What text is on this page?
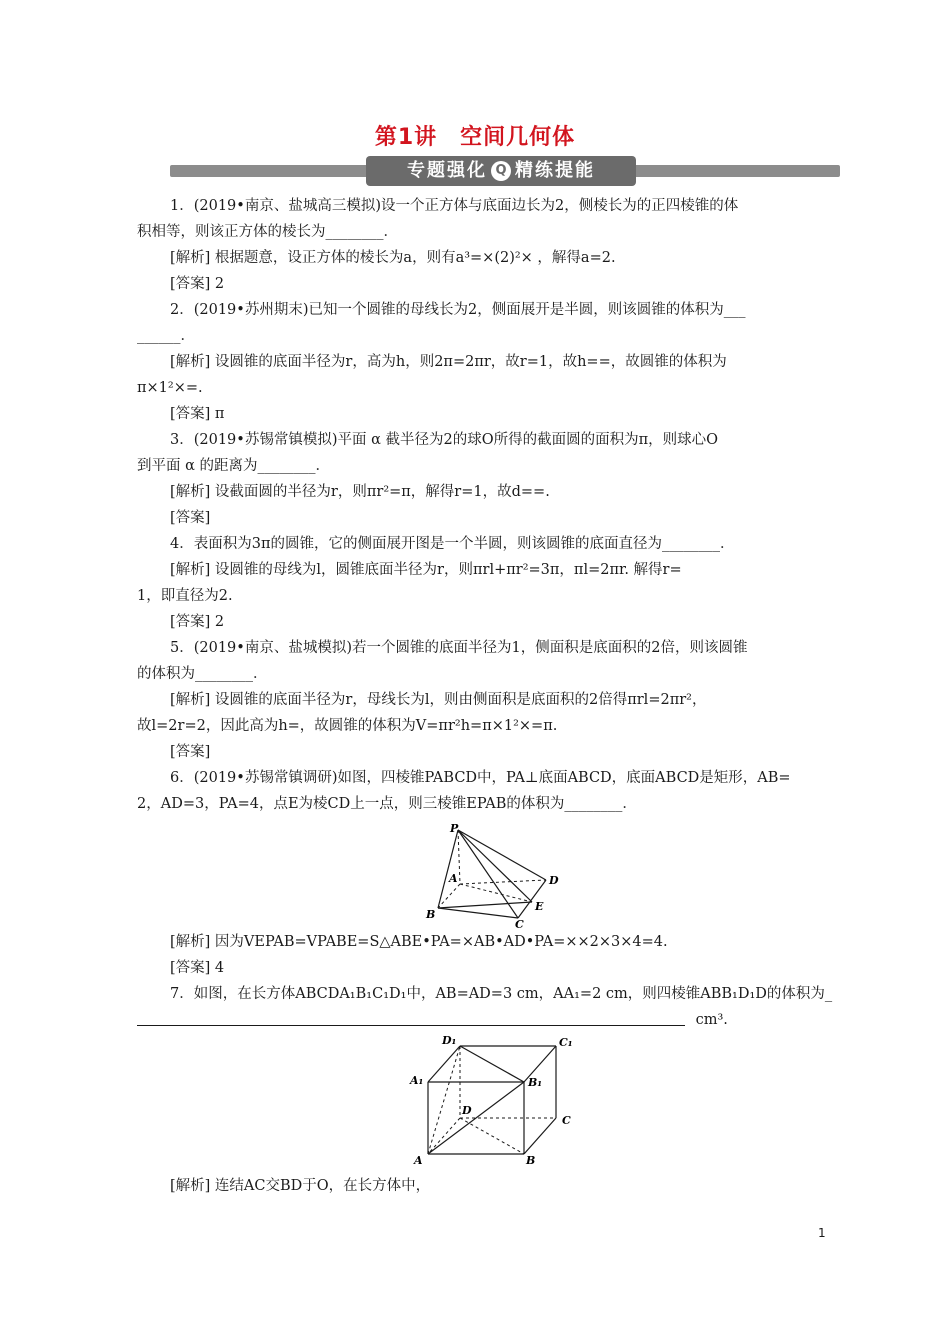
第1讲　空间几何体
专题强化 Q 精练提能
1．(2019•南京、盐城高三模拟)设一个正方体与底面边长为2，侧棱长为的正四棱锥的体
积相等，则该正方体的棱长为________．
[解析] 根据题意，设正方体的棱长为a，则有a³=×(2)²× ，解得a=2.
[答案] 2
2．(2019•苏州期末)已知一个圆锥的母线长为2，侧面展开是半圆，则该圆锥的体积为___
______．
[解析] 设圆锥的底面半径为r，高为h，则2π=2πr，故r=1，故h==，故圆锥的体积为
π×1²×=.
[答案] π
3．(2019•苏锡常镇模拟)平面 α 截半径为2的球O所得的截面圆的面积为π，则球心O
到平面 α 的距离为________．
[解析] 设截面圆的半径为r，则πr²=π，解得r=1，故d==.
[答案]
4．表面积为3π的圆锥，它的侧面展开图是一个半圆，则该圆锥的底面直径为________．
[解析] 设圆锥的母线为l，圆锥底面半径为r，则πrl+πr²=3π，πl=2πr. 解得r=
1，即直径为2.
[答案] 2
5．(2019•南京、盐城模拟)若一个圆锥的底面半径为1，侧面积是底面积的2倍，则该圆锥
的体积为________．
[解析] 设圆锥的底面半径为r，母线长为l，则由侧面积是底面积的2倍得πrl=2πr²，
故l=2r=2，因此高为h=，故圆锥的体积为V=πr²h=π×1²×=π.
[答案]
6．(2019•苏锡常镇调研)如图，四棱锥PABCD中，PA⊥底面ABCD，底面ABCD是矩形，AB=
2，AD=3，PA=4，点E为棱CD上一点，则三棱锥EPAB的体积为________．
P
A	D
E
B
C
[解析] 因为VEPAB=VPABE=S△ABE•PA=×AB•AD•PA=××2×3×4=4.
[答案] 4
7．如图，在长方体ABCDA₁B₁C₁D₁中，AB=AD=3 cm，AA₁=2 cm，则四棱锥ABB₁D₁D的体积为_
cm³.
D₁	C₁
A₁	B₁
D
C
A	B
[解析] 连结AC交BD于O，在长方体中，
1
